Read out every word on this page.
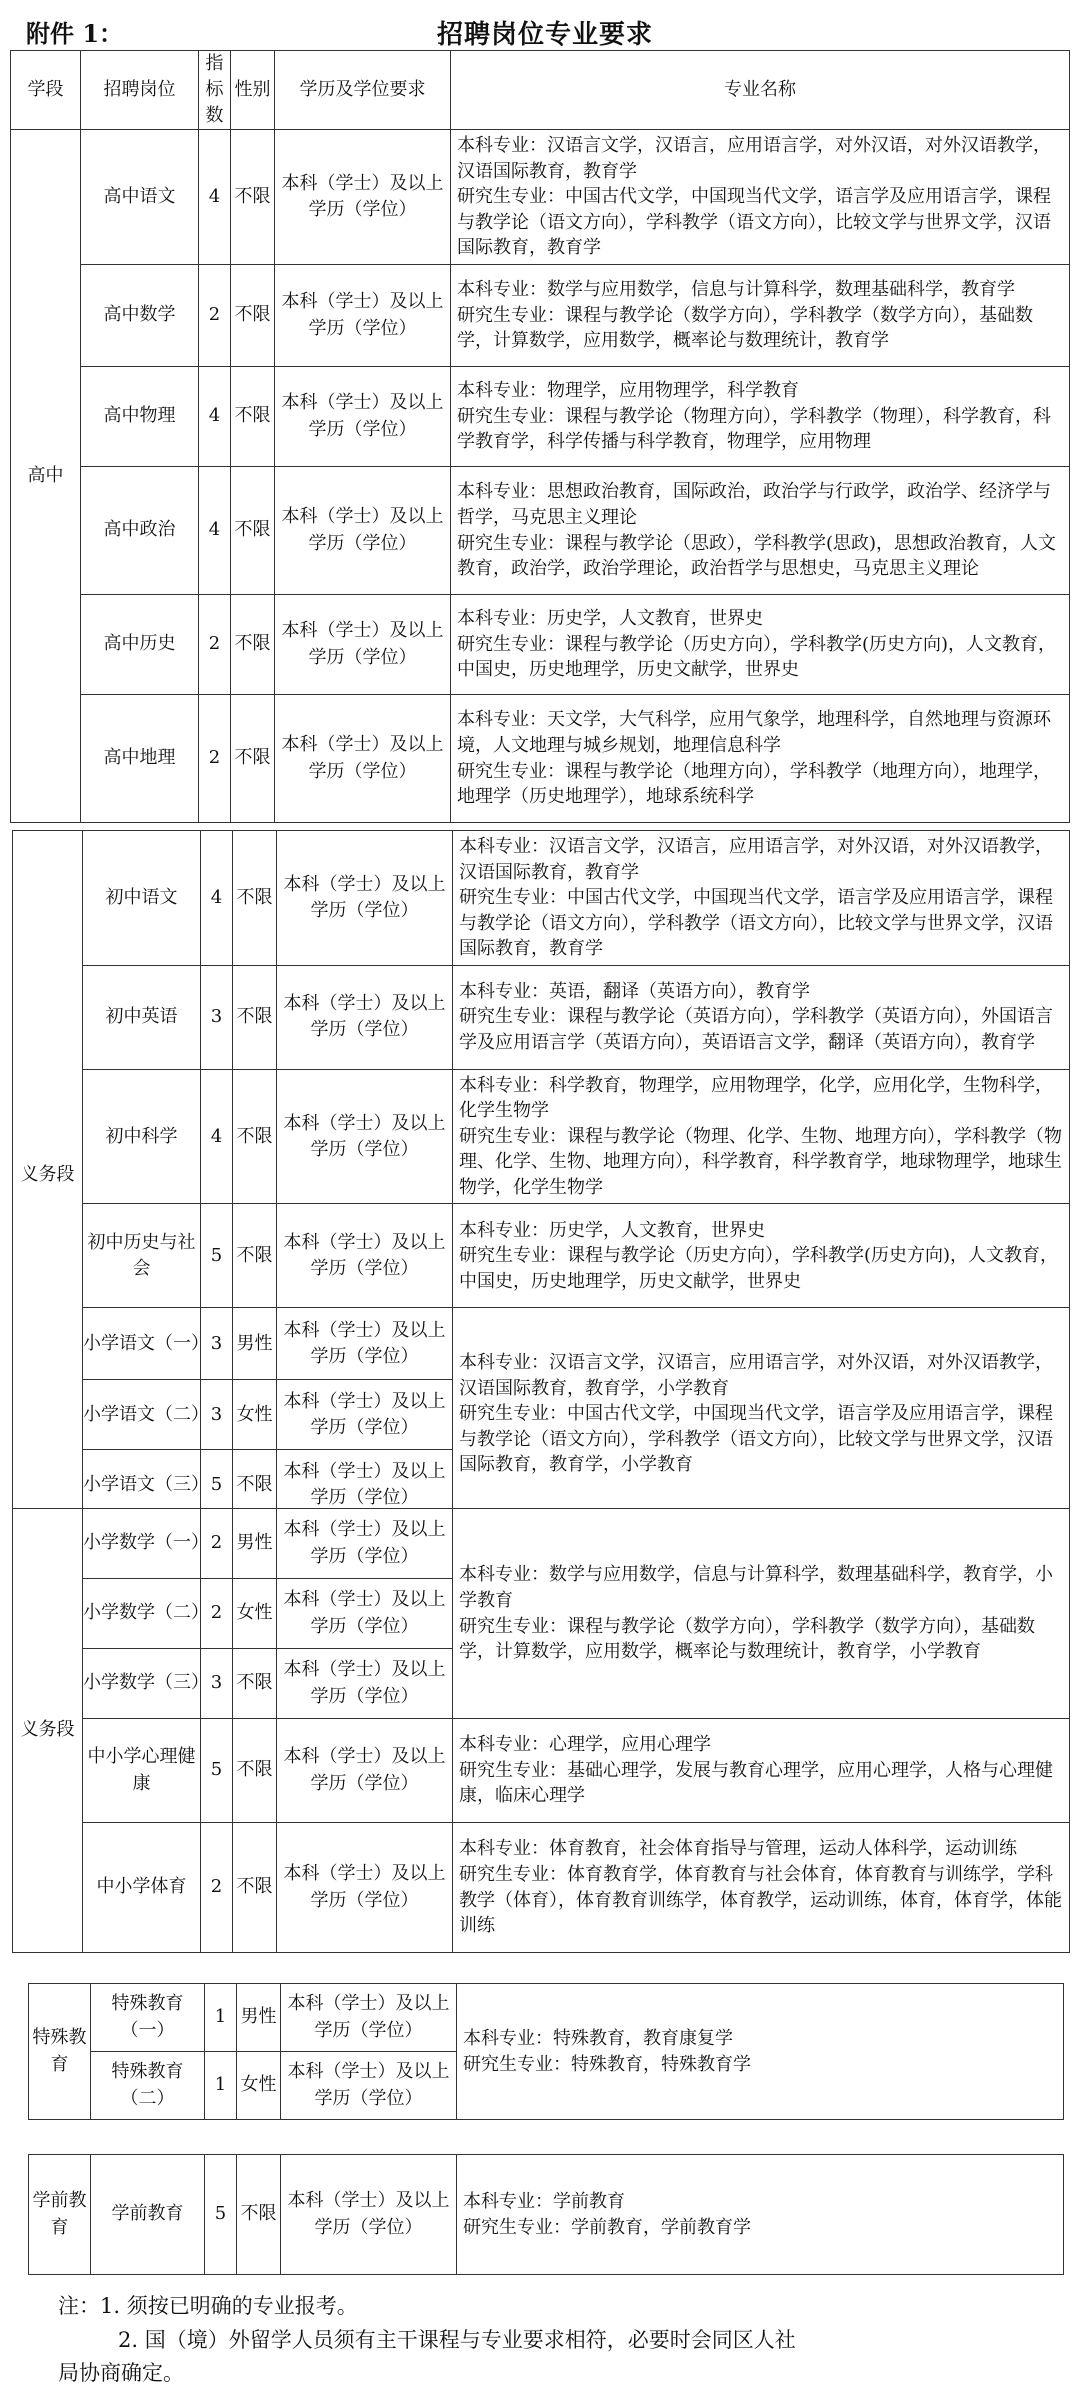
招聘岗位专业要求
附件 1：
学段	招聘岗位	指标数	性别	学历及学位要求	专业名称
高中	高中语文	4	不限	本科（学士）及以上学历（学位）	本科专业：汉语言文学，汉语言，应用语言学，对外汉语，对外汉语教学，汉语国际教育，教育学
研究生专业：中国古代文学，中国现当代文学，语言学及应用语言学，课程与教学论（语文方向），学科教学（语文方向），比较文学与世界文学，汉语国际教育，教育学
	高中数学	2	不限	本科（学士）及以上学历（学位）	本科专业：数学与应用数学，信息与计算科学，数理基础科学，教育学
研究生专业：课程与教学论（数学方向），学科教学（数学方向），基础数学，计算数学，应用数学，概率论与数理统计，教育学
	高中物理	4	不限	本科（学士）及以上学历（学位）	本科专业：物理学，应用物理学，科学教育
研究生专业：课程与教学论（物理方向），学科教学（物理），科学教育，科学教育学，科学传播与科学教育，物理学，应用物理
	高中政治	4	不限	本科（学士）及以上学历（学位）	本科专业：思想政治教育，国际政治，政治学与行政学，政治学、经济学与哲学，马克思主义理论
研究生专业：课程与教学论（思政），学科教学(思政)，思想政治教育，人文教育，政治学，政治学理论，政治哲学与思想史，马克思主义理论
	高中历史	2	不限	本科（学士）及以上学历（学位）	本科专业：历史学，人文教育，世界史
研究生专业：课程与教学论（历史方向），学科教学(历史方向)，人文教育，中国史，历史地理学，历史文献学，世界史
	高中地理	2	不限	本科（学士）及以上学历（学位）	本科专业：天文学，大气科学，应用气象学，地理科学，自然地理与资源环境，人文地理与城乡规划，地理信息科学
研究生专业：课程与教学论（地理方向），学科教学（地理方向），地理学，地理学（历史地理学），地球系统科学
义务段	初中语文	4	不限	本科（学士）及以上学历（学位）	本科专业：汉语言文学，汉语言，应用语言学，对外汉语，对外汉语教学，汉语国际教育，教育学
研究生专业：中国古代文学，中国现当代文学，语言学及应用语言学，课程与教学论（语文方向），学科教学（语文方向），比较文学与世界文学，汉语国际教育，教育学
	初中英语	3	不限	本科（学士）及以上学历（学位）	本科专业：英语，翻译（英语方向），教育学
研究生专业：课程与教学论（英语方向），学科教学（英语方向），外国语言学及应用语言学（英语方向），英语语言文学，翻译（英语方向），教育学
	初中科学	4	不限	本科（学士）及以上学历（学位）	本科专业：科学教育，物理学，应用物理学，化学，应用化学，生物科学，化学生物学
研究生专业：课程与教学论（物理、化学、生物、地理方向），学科教学（物理、化学、生物、地理方向），科学教育，科学教育学，地球物理学，地球生物学，化学生物学
	初中历史与社会	5	不限	本科（学士）及以上学历（学位）	本科专业：历史学，人文教育，世界史
研究生专业：课程与教学论（历史方向），学科教学(历史方向)，人文教育，中国史，历史地理学，历史文献学，世界史
	小学语文（一）	3	男性	本科（学士）及以上学历（学位）	本科专业：汉语言文学，汉语言，应用语言学，对外汉语，对外汉语教学，汉语国际教育，教育学，小学教育
研究生专业：中国古代文学，中国现当代文学，语言学及应用语言学，课程与教学论（语文方向），学科教学（语文方向），比较文学与世界文学，汉语国际教育，教育学，小学教育
	小学语文（二）	3	女性	本科（学士）及以上学历（学位）	
	小学语文（三）	5	不限	本科（学士）及以上学历（学位）	
义务段	小学数学（一）	2	男性	本科（学士）及以上学历（学位）	本科专业：数学与应用数学，信息与计算科学，数理基础科学，教育学，小学教育
研究生专业：课程与教学论（数学方向），学科教学（数学方向），基础数学，计算数学，应用数学，概率论与数理统计，教育学，小学教育
	小学数学（二）	2	女性	本科（学士）及以上学历（学位）	
	小学数学（三）	3	不限	本科（学士）及以上学历（学位）	
	中小学心理健康	5	不限	本科（学士）及以上学历（学位）	本科专业：心理学，应用心理学
研究生专业：基础心理学，发展与教育心理学，应用心理学，人格与心理健康，临床心理学
	中小学体育	2	不限	本科（学士）及以上学历（学位）	本科专业：体育教育，社会体育指导与管理，运动人体科学，运动训练
研究生专业：体育教育学，体育教育与社会体育，体育教育与训练学，学科教学（体育），体育教育训练学，体育教学，运动训练，体育，体育学，体能训练
特殊教育	特殊教育（一）	1	男性	本科（学士）及以上学历（学位）	本科专业：特殊教育，教育康复学
研究生专业：特殊教育，特殊教育学
	特殊教育（二）	1	女性	本科（学士）及以上学历（学位）	
学前教育	学前教育	5	不限	本科（学士）及以上学历（学位）	本科专业：学前教育
研究生专业：学前教育，学前教育学
注：1. 须按已明确的专业报考。
2. 国（境）外留学人员须有主干课程与专业要求相符，必要时会同区人社
局协商确定。
